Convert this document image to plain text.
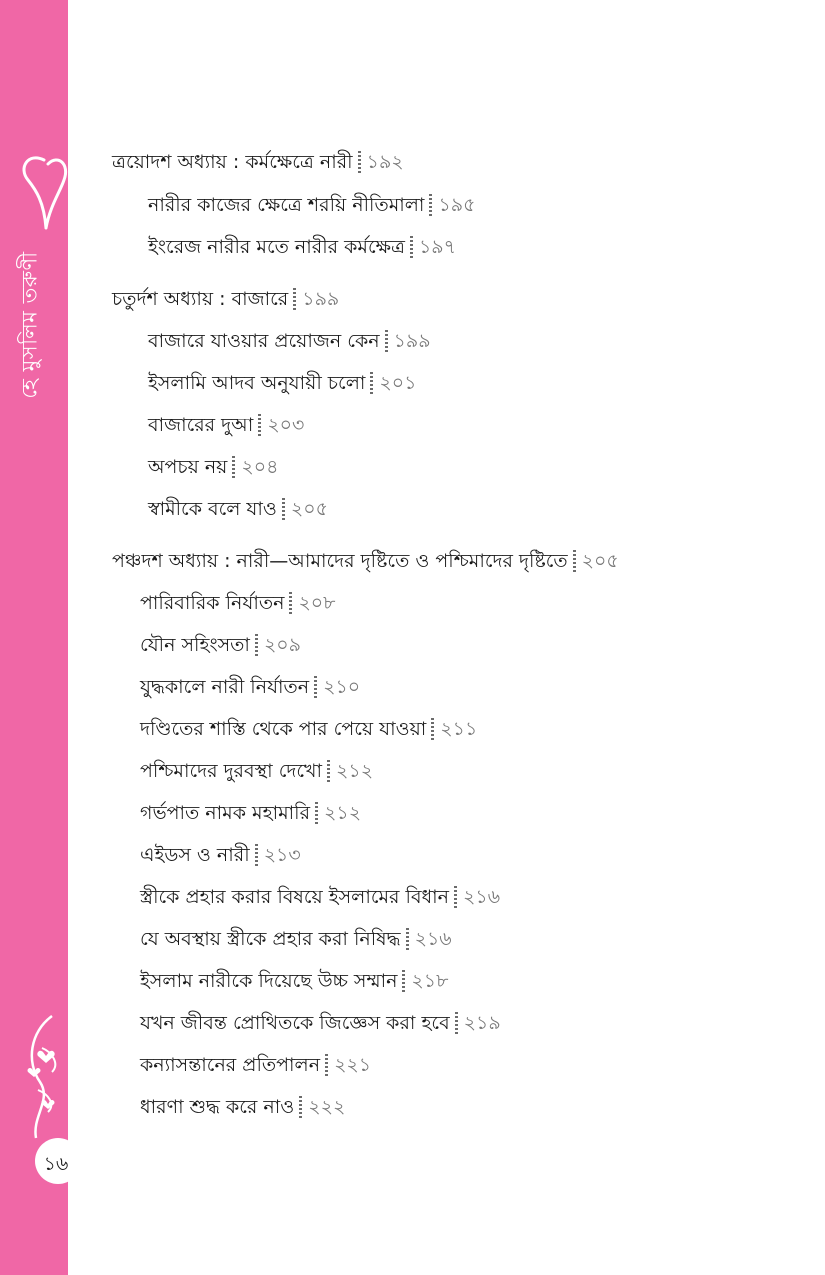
হে মুসলিম তরুণী
১৬
ত্রয়োদশ অধ্যায় : কর্মক্ষেত্রে নারী ১৯২
নারীর কাজের ক্ষেত্রে শরয়ি নীতিমালা ১৯৫
ইংরেজ নারীর মতে নারীর কর্মক্ষেত্র ১৯৭
চতুর্দশ অধ্যায় : বাজারে ১৯৯
বাজারে যাওয়ার প্রয়োজন কেন ১৯৯
ইসলামি আদব অনুযায়ী চলো ২০১
বাজারের দুআ ২০৩
অপচয় নয় ২০৪
স্বামীকে বলে যাও ২০৫
পঞ্চদশ অধ্যায় : নারী—আমাদের দৃষ্টিতে ও পশ্চিমাদের দৃষ্টিতে ২০৫
পারিবারিক নির্যাতন ২০৮
যৌন সহিংসতা ২০৯
যুদ্ধকালে নারী নির্যাতন ২১০
দণ্ডিতের শাস্তি থেকে পার পেয়ে যাওয়া ২১১
পশ্চিমাদের দুরবস্থা দেখো ২১২
গর্ভপাত নামক মহামারি ২১২
এইডস ও নারী ২১৩
স্ত্রীকে প্রহার করার বিষয়ে ইসলামের বিধান ২১৬
যে অবস্থায় স্ত্রীকে প্রহার করা নিষিদ্ধ ২১৬
ইসলাম নারীকে দিয়েছে উচ্চ সম্মান ২১৮
যখন জীবন্ত প্রোথিতকে জিজ্ঞেস করা হবে ২১৯
কন্যাসন্তানের প্রতিপালন ২২১
ধারণা শুদ্ধ করে নাও ২২২
